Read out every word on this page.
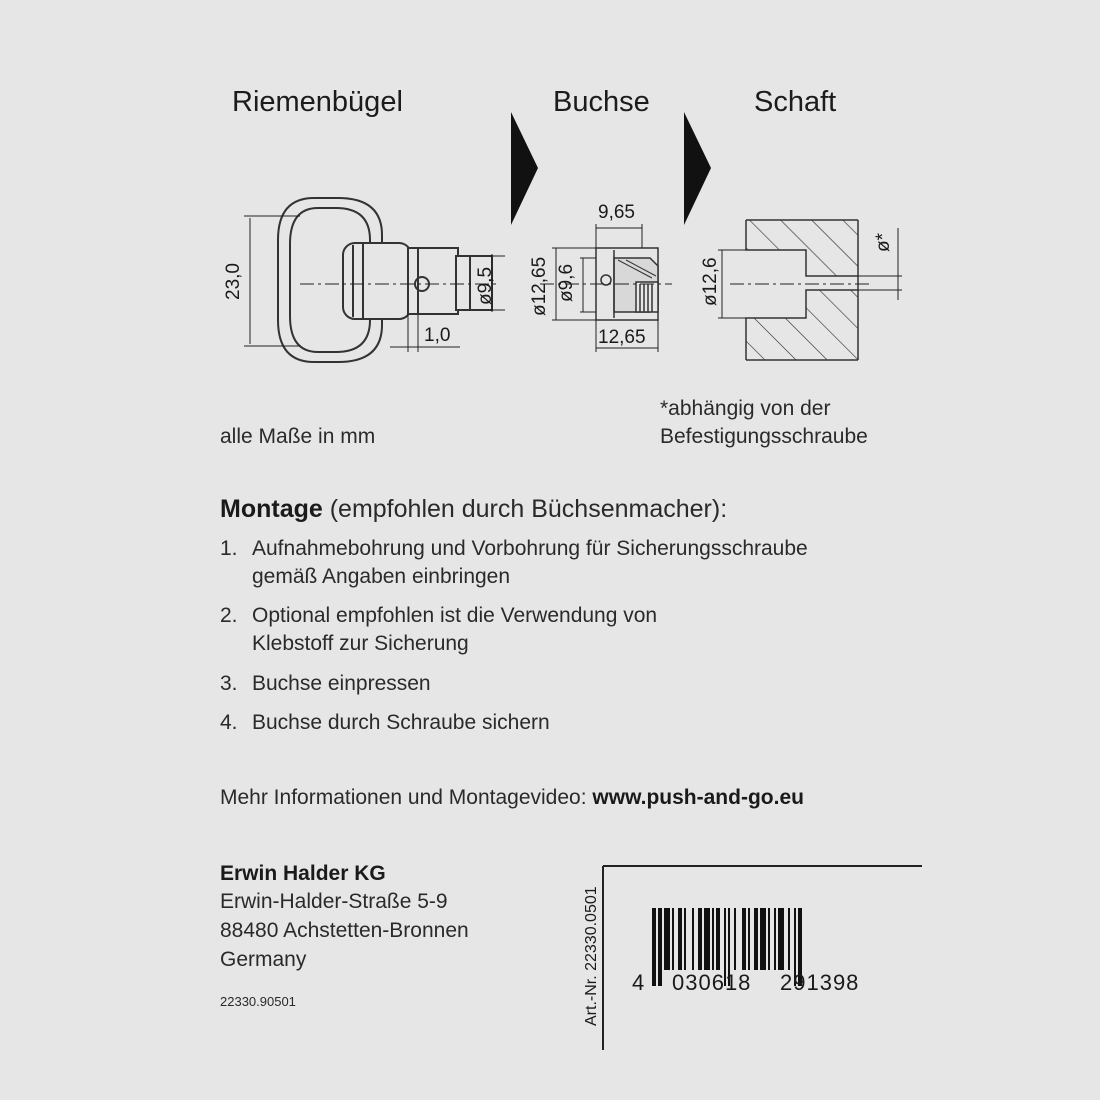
Riemenbügel	Buchse	Schaft
23,0	ø9,5
1,0
9,65
ø12,65 ø9,6
12,65
ø12,6
ø*
Art.-Nr. 22330.0501 4 030618 291398
alle Maße in mm
*abhängig von der
Befestigungsschraube
Montage (empfohlen durch Büchsenmacher):
1. Aufnahmebohrung und Vorbohrung für Sicherungsschraube
gemäß Angaben einbringen
2. Optional empfohlen ist die Verwendung von
Klebstoff zur Sicherung
3. Buchse einpressen
4. Buchse durch Schraube sichern
Mehr Informationen und Montagevideo: www.push-and-go.eu
Erwin Halder KG
Erwin-Halder-Straße 5-9
88480 Achstetten-Bronnen
Germany
22330.90501
